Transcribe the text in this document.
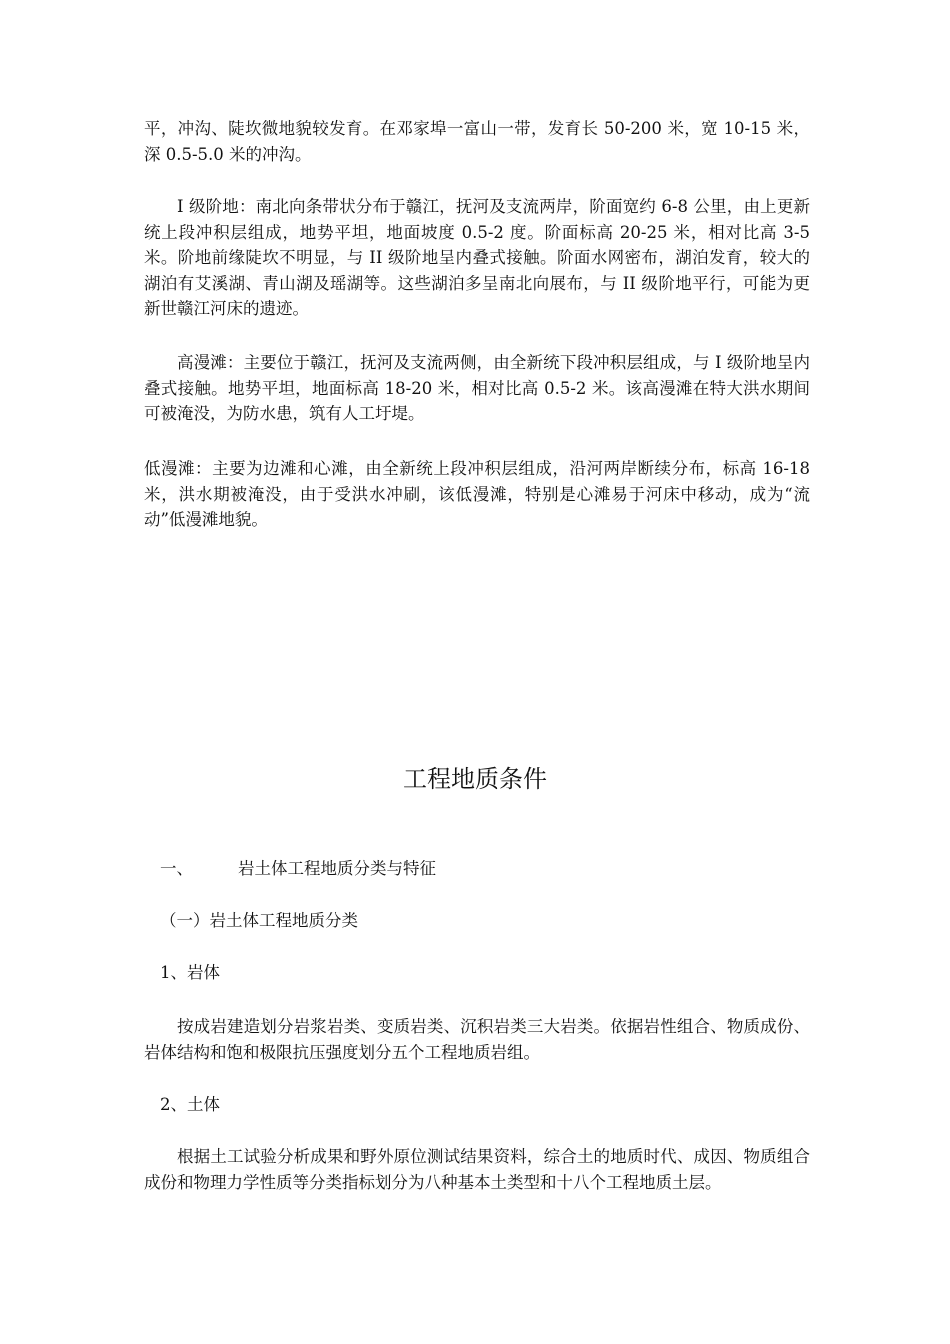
平，冲沟、陡坎微地貌较发育。在邓家埠一富山一带，发育长 50-200 米，宽 10-15 米，深 0.5-5.0 米的冲沟。

I 级阶地：南北向条带状分布于赣江，抚河及支流两岸，阶面宽约 6-8 公里，由上更新统上段冲积层组成，地势平坦，地面坡度 0.5-2 度。阶面标高 20-25 米，相对比高 3-5 米。阶地前缘陡坎不明显，与 II 级阶地呈内叠式接触。阶面水网密布，湖泊发育，较大的湖泊有艾溪湖、青山湖及瑶湖等。这些湖泊多呈南北向展布，与 II 级阶地平行，可能为更新世赣江河床的遗迹。

高漫滩：主要位于赣江，抚河及支流两侧，由全新统下段冲积层组成，与 I 级阶地呈内叠式接触。地势平坦，地面标高 18-20 米，相对比高 0.5-2 米。该高漫滩在特大洪水期间可被淹没，为防水患，筑有人工圩堤。

低漫滩：主要为边滩和心滩，由全新统上段冲积层组成，沿河两岸断续分布，标高 16-18 米，洪水期被淹没，由于受洪水冲刷，该低漫滩，特别是心滩易于河床中移动，成为“流动”低漫滩地貌。

工程地质条件

一、	岩土体工程地质分类与特征

（一）岩土体工程地质分类

1、岩体

按成岩建造划分岩浆岩类、变质岩类、沉积岩类三大岩类。依据岩性组合、物质成份、岩体结构和饱和极限抗压强度划分五个工程地质岩组。

2、土体

根据土工试验分析成果和野外原位测试结果资料，综合土的地质时代、成因、物质组合成份和物理力学性质等分类指标划分为八种基本土类型和十八个工程地质土层。
